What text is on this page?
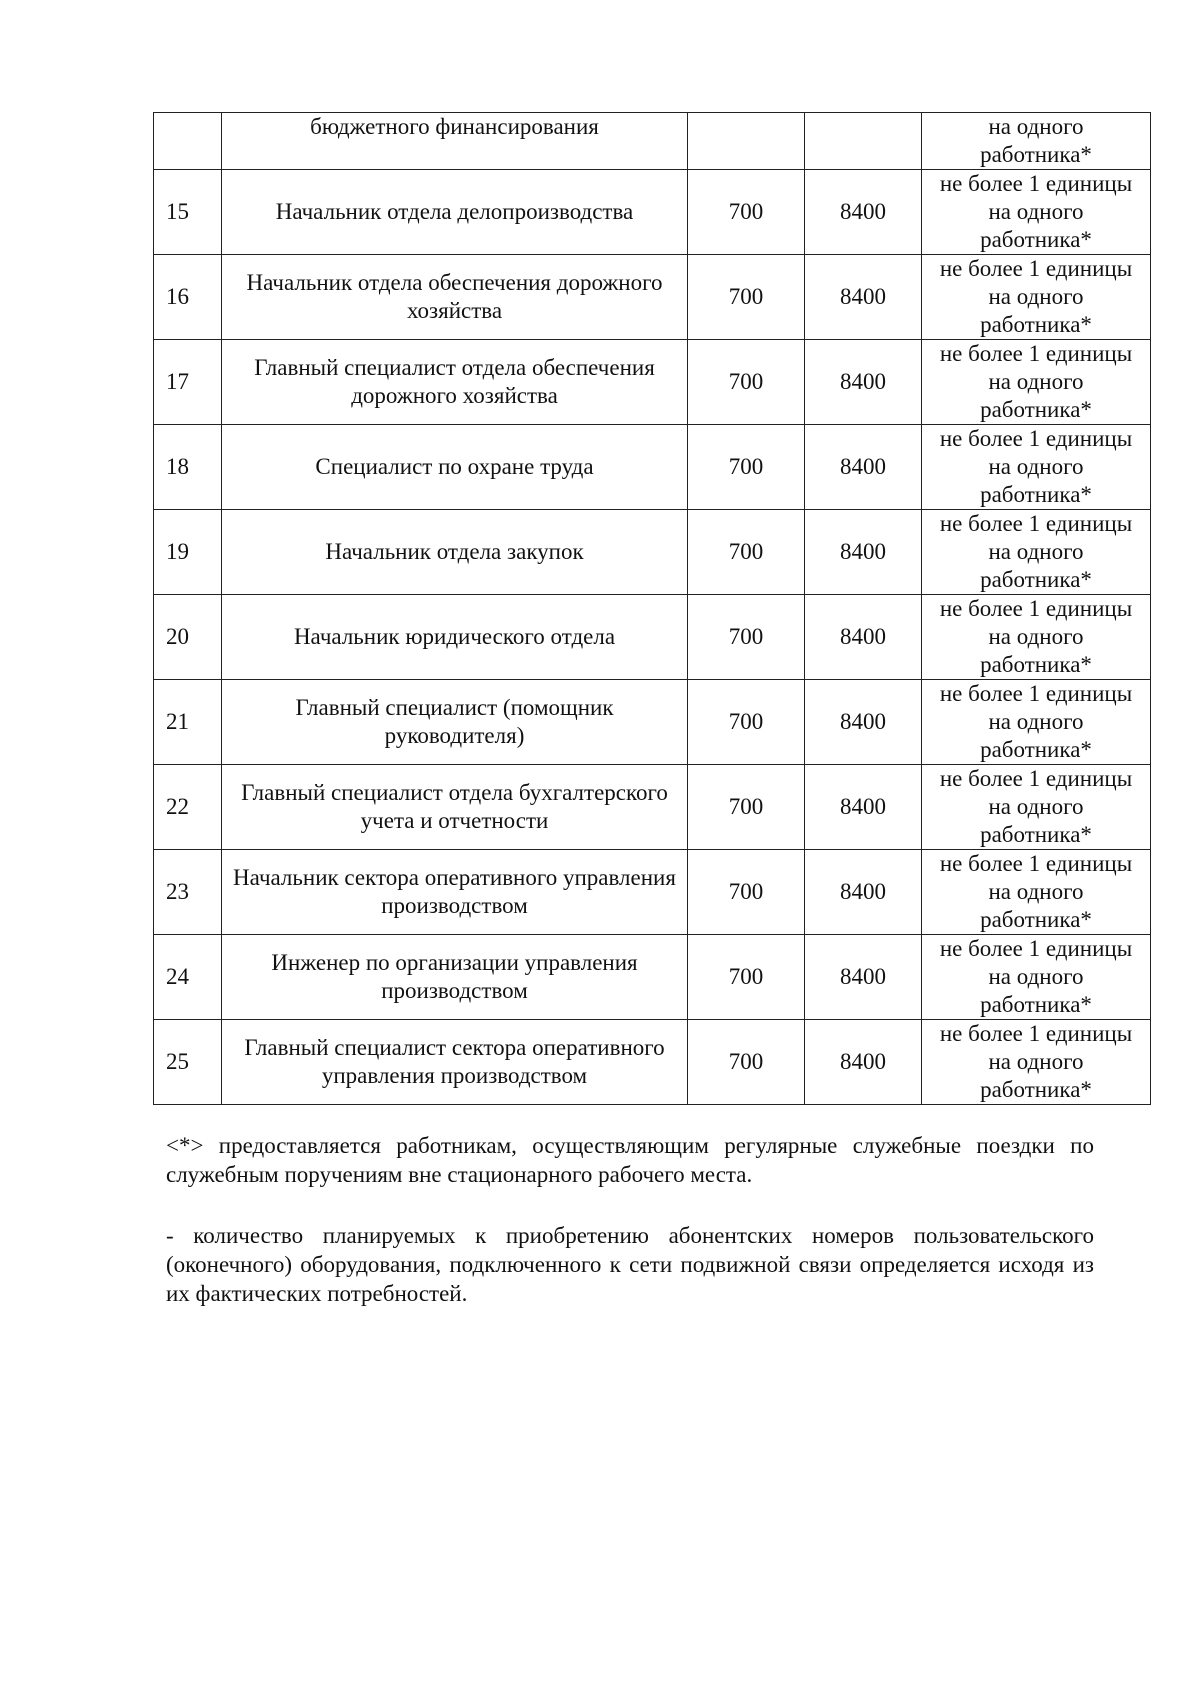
	бюджетного финансирования			на одного
работника*

15	Начальник отдела делопроизводства	700	8400	не более 1 единицы
на одного
работника*

16	Начальник отдела обеспечения дорожного хозяйства	700	8400	не более 1 единицы
на одного
работника*

17	Главный специалист отдела обеспечения дорожного хозяйства	700	8400	не более 1 единицы
на одного
работника*

18	Специалист по охране труда	700	8400	не более 1 единицы
на одного
работника*

19	Начальник отдела закупок	700	8400	не более 1 единицы
на одного
работника*

20	Начальник юридического отдела	700	8400	не более 1 единицы
на одного
работника*

21	Главный специалист (помощник руководителя)	700	8400	не более 1 единицы
на одного
работника*

22	Главный специалист отдела бухгалтерского учета и отчетности	700	8400	не более 1 единицы
на одного
работника*

23	Начальник сектора оперативного управления производством	700	8400	не более 1 единицы
на одного
работника*

24	Инженер по организации управления производством	700	8400	не более 1 единицы
на одного
работника*

25	Главный специалист сектора оперативного управления производством	700	8400	не более 1 единицы
на одного
работника*

<*> предоставляется работникам, осуществляющим регулярные служебные поездки по служебным поручениям вне стационарного рабочего места.

- количество планируемых к приобретению абонентских номеров пользовательского (оконечного) оборудования, подключенного к сети подвижной связи определяется исходя из их фактических потребностей.
